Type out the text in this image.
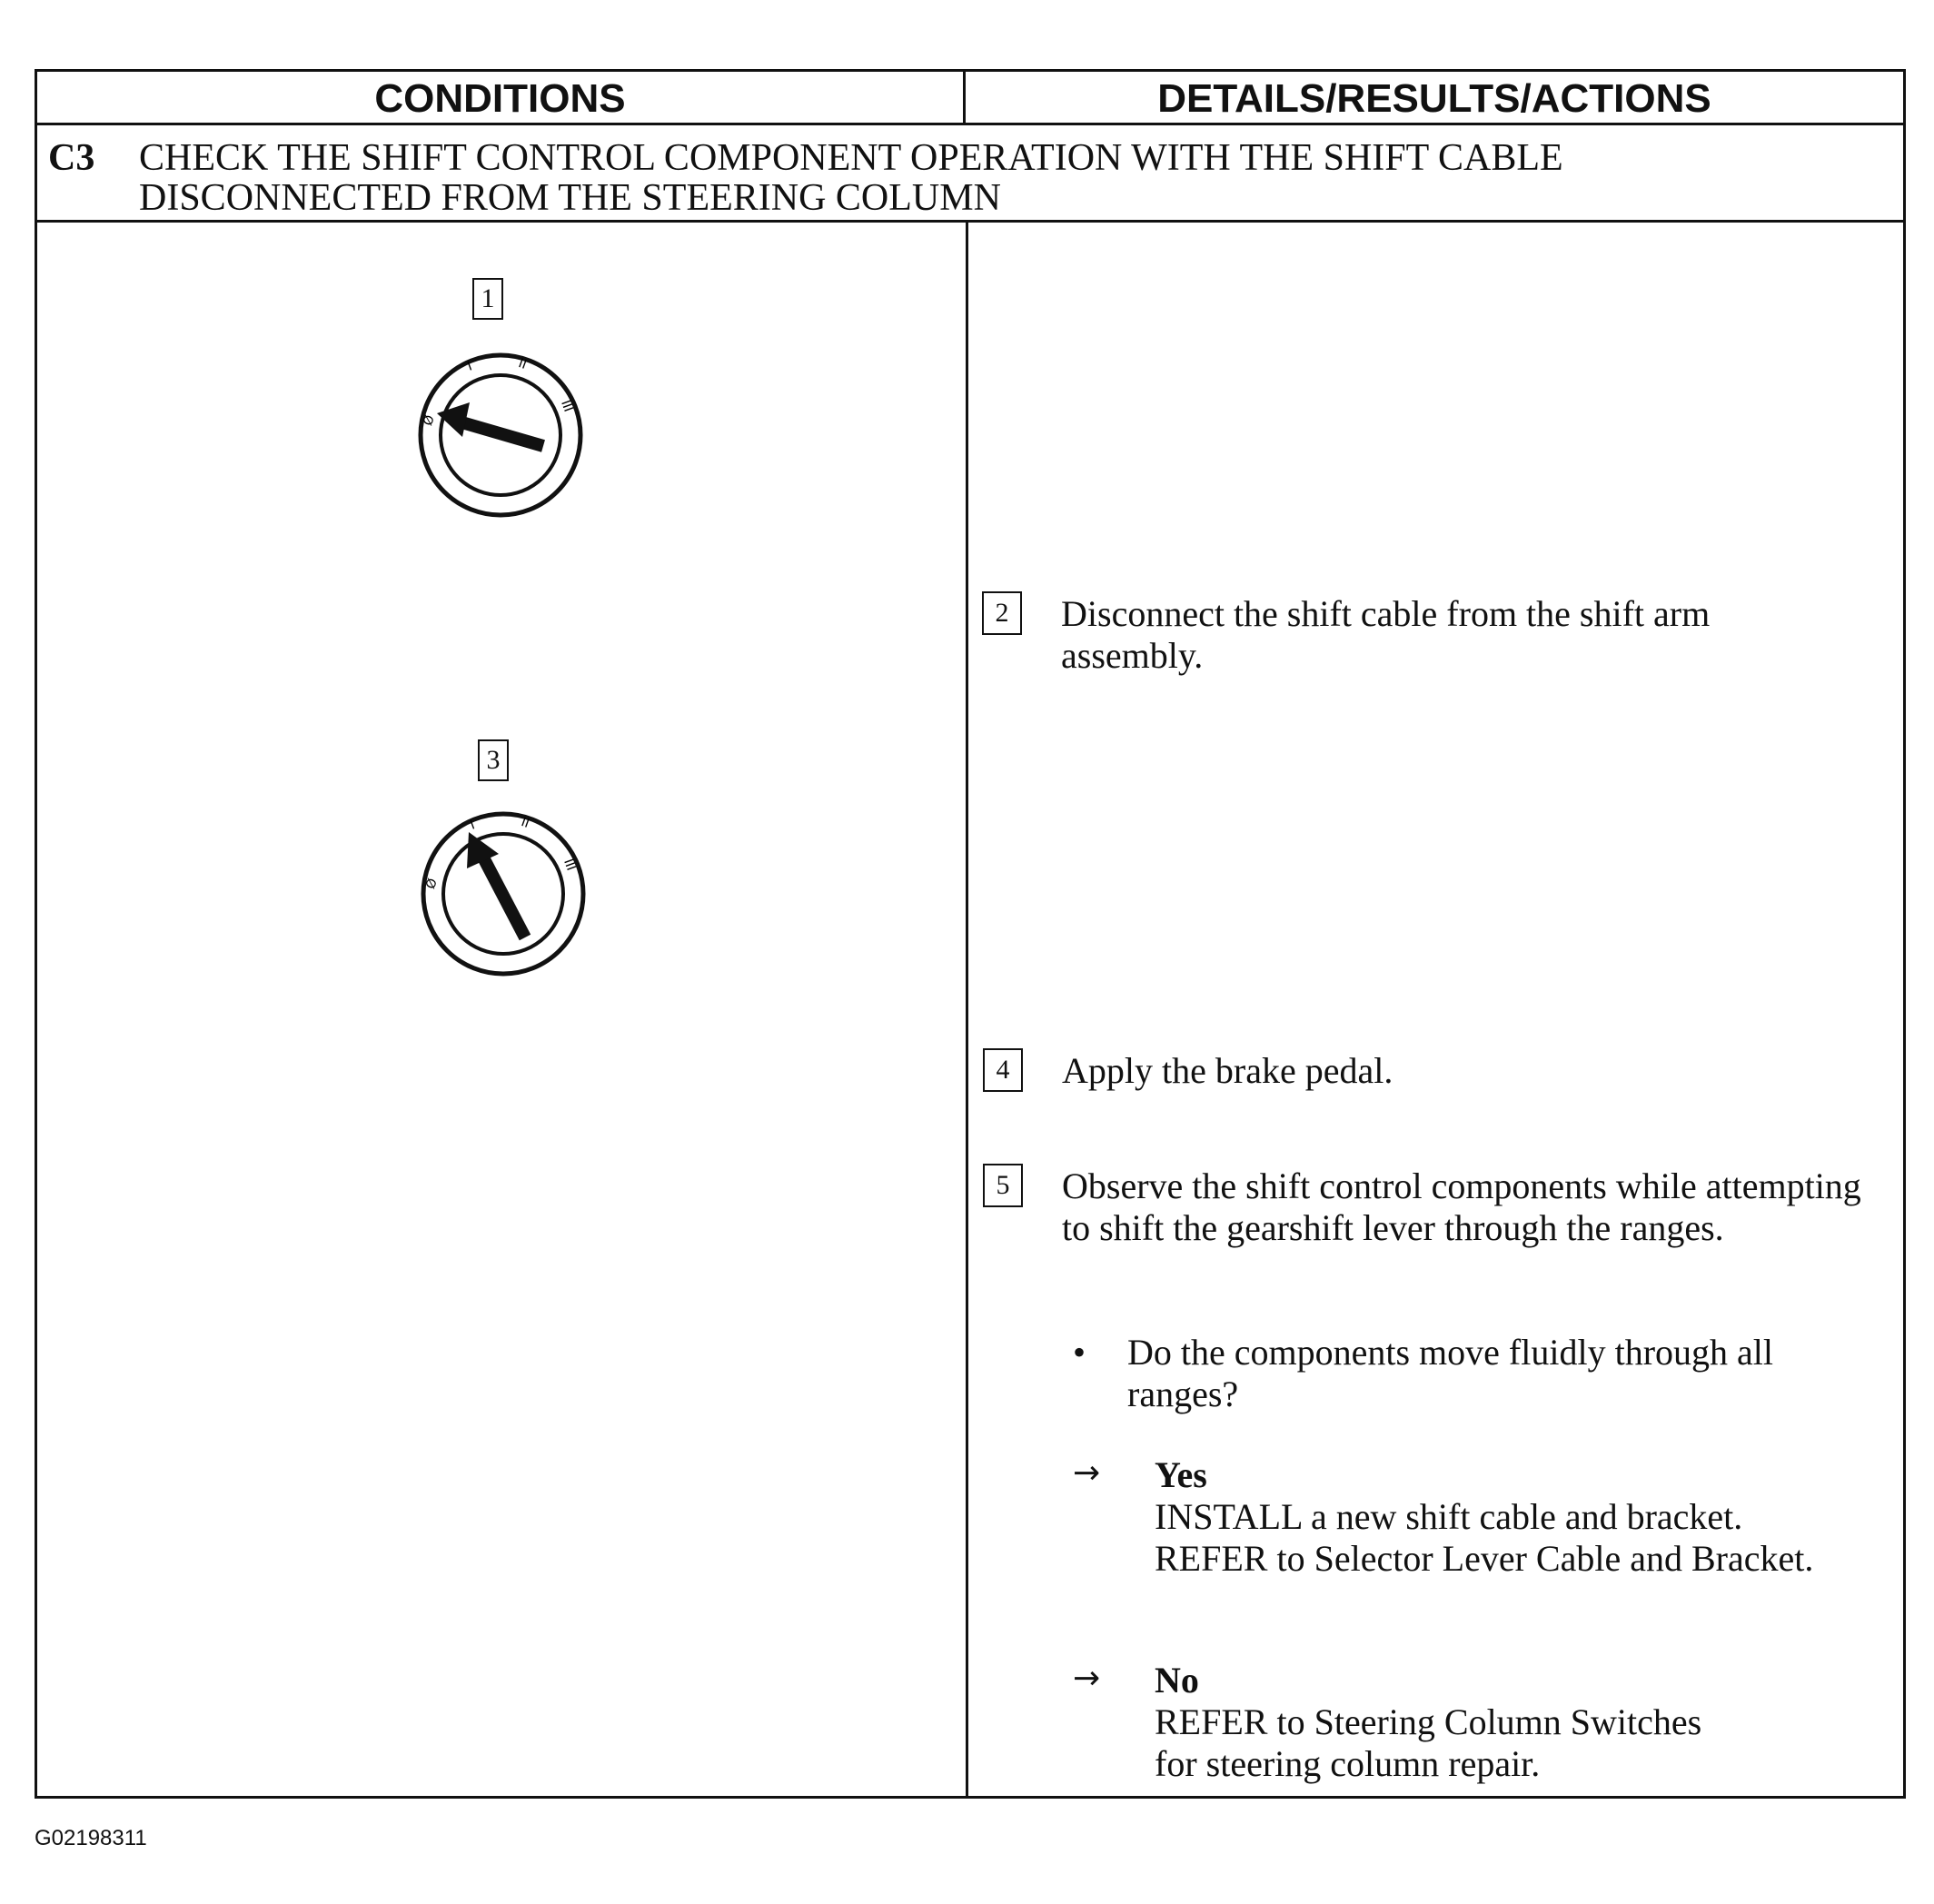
CONDITIONS	DETAILS/RESULTS/ACTIONS
C3 CHECK THE SHIFT CONTROL COMPONENT OPERATION WITH THE SHIFT CABLE DISCONNECTED FROM THE STEERING COLUMN
1
Ø
I	II
III
3
Ø
I	II
III
2	Disconnect the shift cable from the shift arm assembly.
4	Apply the brake pedal.
5	Observe the shift control components while attempting to shift the gearshift lever through the ranges.
• Do the components move fluidly through all ranges?
→ Yes
INSTALL a new shift cable and bracket.
REFER to Selector Lever Cable and Bracket.
→ No
REFER to Steering Column Switches
for steering column repair.
G02198311
